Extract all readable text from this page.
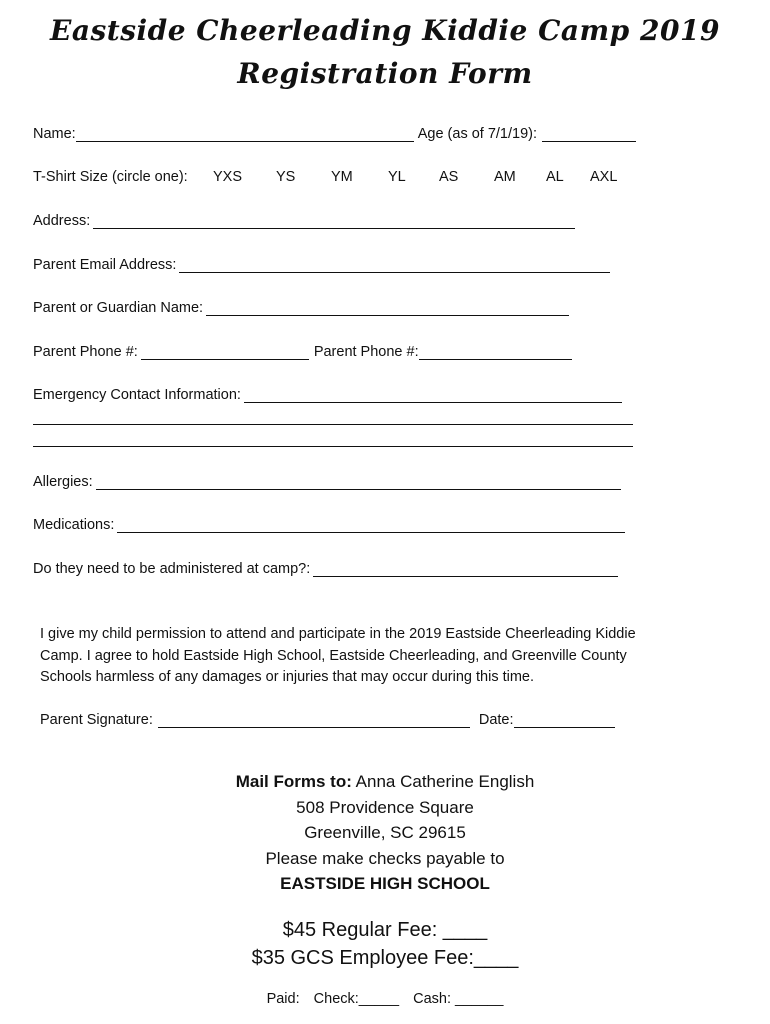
Eastside Cheerleading Kiddie Camp 2019
Registration Form
Name:	Age (as of 7/1/19):
T-Shirt Size (circle one): YXS YS YM YL AS AM AL AXL
Address:
Parent Email Address:
Parent or Guardian Name:
Parent Phone #:	Parent Phone #:
Emergency Contact Information:
Allergies:
Medications:
Do they need to be administered at camp?:
I give my child permission to attend and participate in the 2019 Eastside Cheerleading Kiddie Camp. I agree to hold Eastside High School, Eastside Cheerleading, and Greenville County Schools harmless of any damages or injuries that may occur during this time.
Parent Signature:	Date:
Mail Forms to: Anna Catherine English
508 Providence Square
Greenville, SC 29615
Please make checks payable to
EASTSIDE HIGH SCHOOL
$45 Regular Fee: ____
$35 GCS Employee Fee:____
Paid: Check:_____ Cash: ______
